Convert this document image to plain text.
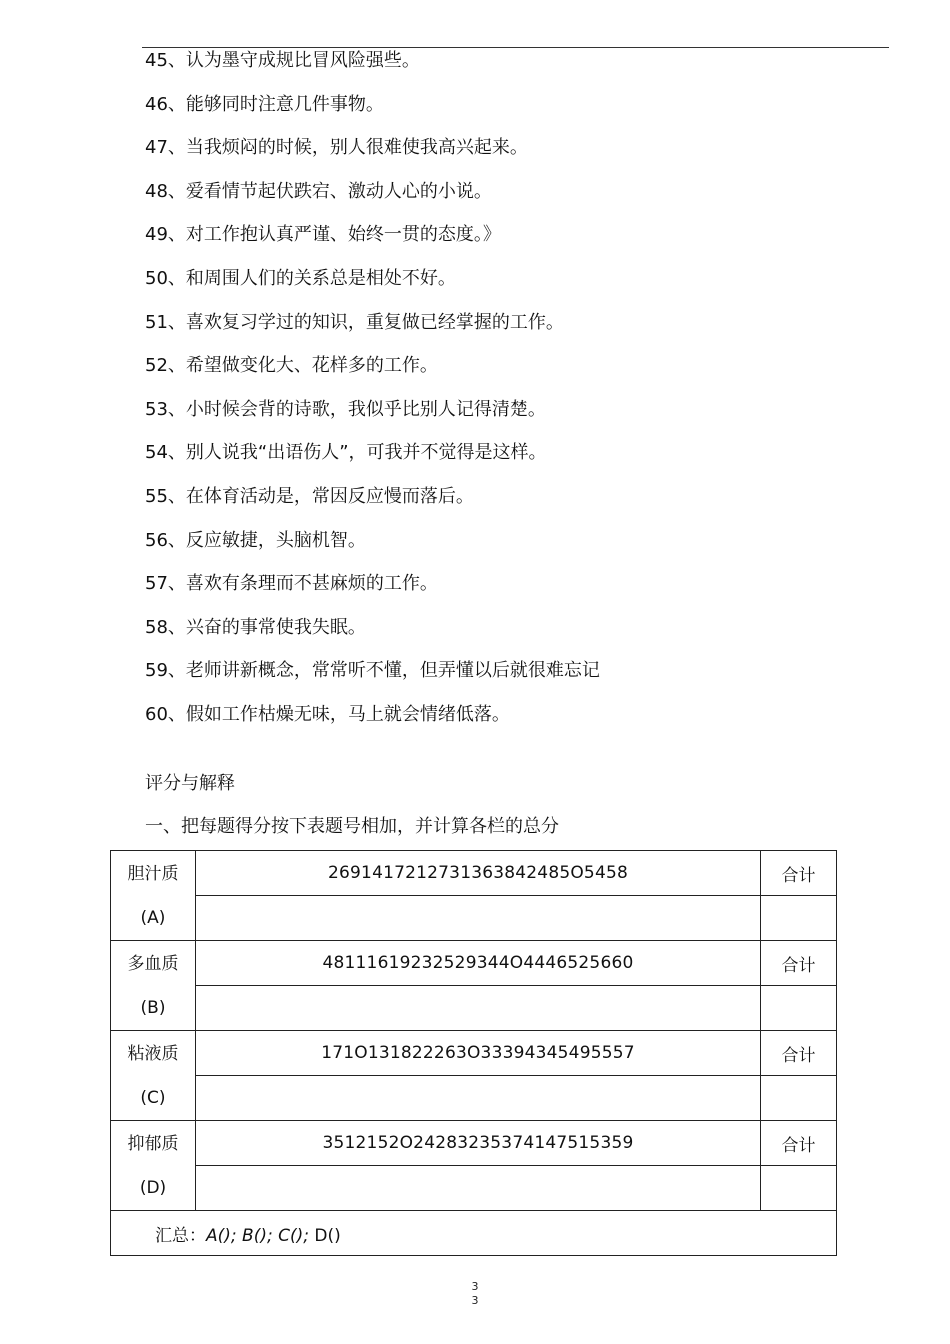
45、认为墨守成规比冒风险强些。
46、能够同时注意几件事物。
47、当我烦闷的时候，别人很难使我高兴起来。
48、爱看情节起伏跌宕、激动人心的小说。
49、对工作抱认真严谨、始终一贯的态度。》
50、和周围人们的关系总是相处不好。
51、喜欢复习学过的知识，重复做已经掌握的工作。
52、希望做变化大、花样多的工作。
53、小时候会背的诗歌，我似乎比别人记得清楚。
54、别人说我“出语伤人”，可我并不觉得是这样。
55、在体育活动是，常因反应慢而落后。
56、反应敏捷，头脑机智。
57、喜欢有条理而不甚麻烦的工作。
58、兴奋的事常使我失眠。
59、老师讲新概念，常常听不懂，但弄懂以后就很难忘记
60、假如工作枯燥无味，马上就会情绪低落。
评分与解释
一、把每题得分按下表题号相加，并计算各栏的总分
胆汁质
(A)	2691417212731363842485O5458	合计

多血质
(B)	48111619232529344O4446525660	合计

粘液质
(C)	171O131822263O33394345495557	合计

抑郁质
(D)	3512152O24283235374147515359	合计

汇总：A(); B(); C(); D()		
3
3
